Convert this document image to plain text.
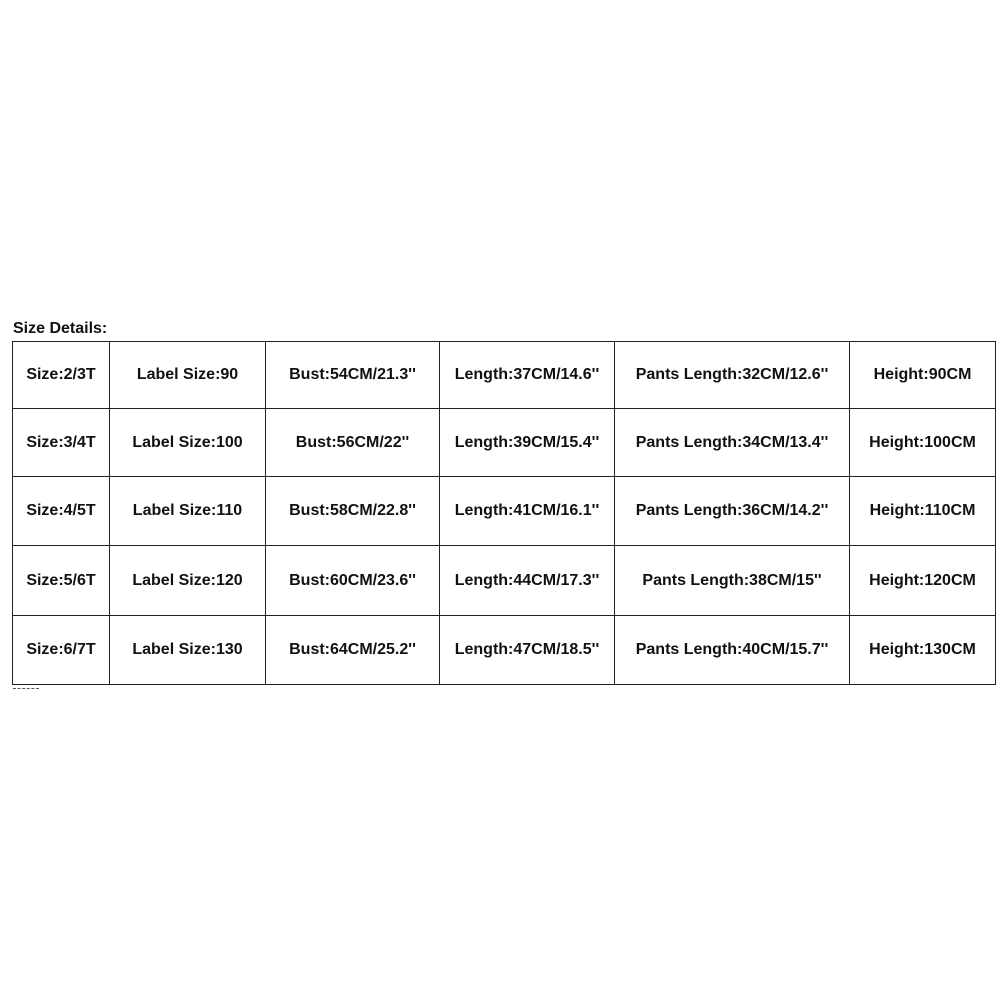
Size Details:
Size:2/3T	Label Size:90	Bust:54CM/21.3''	Length:37CM/14.6''	Pants Length:32CM/12.6''	Height:90CM
Size:3/4T	Label Size:100	Bust:56CM/22''	Length:39CM/15.4''	Pants Length:34CM/13.4''	Height:100CM
Size:4/5T	Label Size:110	Bust:58CM/22.8''	Length:41CM/16.1''	Pants Length:36CM/14.2''	Height:110CM
Size:5/6T	Label Size:120	Bust:60CM/23.6''	Length:44CM/17.3''	Pants Length:38CM/15''	Height:120CM
Size:6/7T	Label Size:130	Bust:64CM/25.2''	Length:47CM/18.5''	Pants Length:40CM/15.7''	Height:130CM
